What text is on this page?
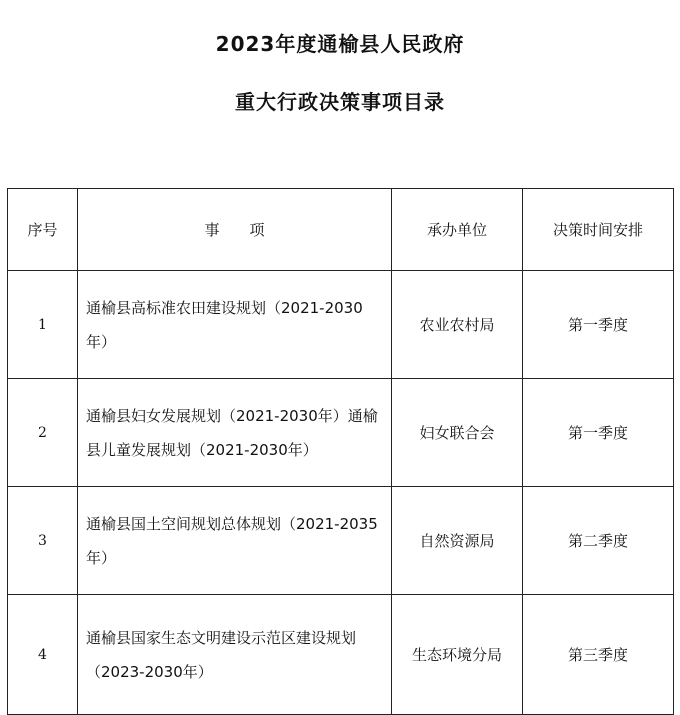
2023年度通榆县人民政府
重大行政决策事项目录
序号	事 项	承办单位	决策时间安排
1	通榆县高标准农田建设规划（2021-2030年）	农业农村局	第一季度
2	通榆县妇女发展规划（2021-2030年）通榆县儿童发展规划（2021-2030年）	妇女联合会	第一季度
3	通榆县国土空间规划总体规划（2021-2035年）	自然资源局	第二季度
4	通榆县国家生态文明建设示范区建设规划（2023-2030年）	生态环境分局	第三季度
